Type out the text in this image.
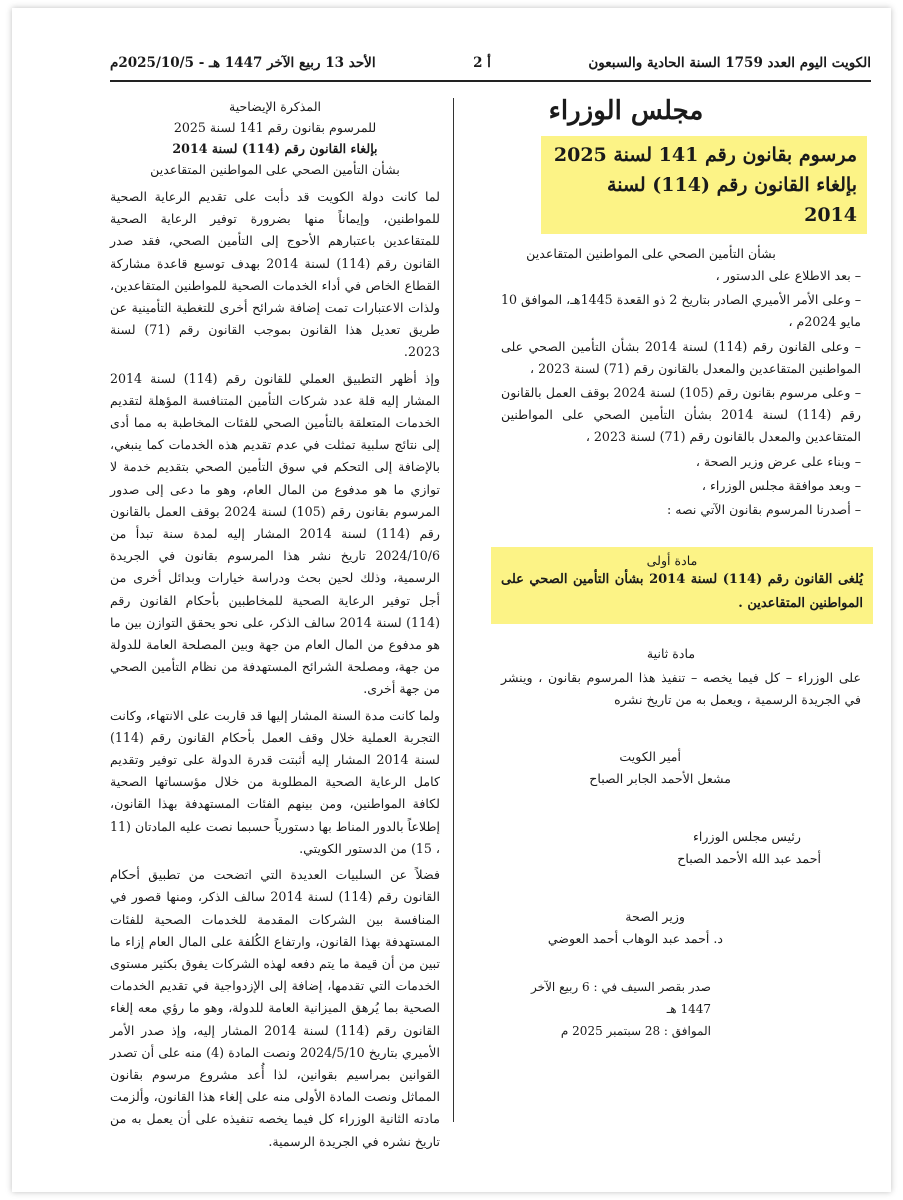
الكويت اليوم العدد 1759 السنة الحادية والسبعون
أ 2
الأحد 13 ربيع الآخر 1447 هـ - 2025/10/5م
مجلس الوزراء
مرسوم بقانون رقم 141 لسنة 2025
بإلغاء القانون رقم (114) لسنة 2014
بشأن التأمين الصحي على المواطنين المتقاعدين
– بعد الاطلاع على الدستور ،
– وعلى الأمر الأميري الصادر بتاريخ 2 ذو القعدة 1445هـ، الموافق 10 مايو 2024م ،
– وعلى القانون رقم (114) لسنة 2014 بشأن التأمين الصحي على المواطنين المتقاعدين والمعدل بالقانون رقم (71) لسنة 2023 ،
– وعلى مرسوم بقانون رقم (105) لسنة 2024 بوقف العمل بالقانون رقم (114) لسنة 2014 بشأن التأمين الصحي على المواطنين المتقاعدين والمعدل بالقانون رقم (71) لسنة 2023 ،
– وبناء على عرض وزير الصحة ،
– وبعد موافقة مجلس الوزراء ،
– أصدرنا المرسوم بقانون الآتي نصه :
مادة أولى
يُلغى القانون رقم (114) لسنة 2014 بشأن التأمين الصحي على المواطنين المتقاعدين .
مادة ثانية
على الوزراء – كل فيما يخصه – تنفيذ هذا المرسوم بقانون ، وينشر في الجريدة الرسمية ، ويعمل به من تاريخ نشره
أمير الكويت
مشعل الأحمد الجابر الصباح
رئيس مجلس الوزراء
أحمد عبد الله الأحمد الصباح
وزير الصحة
د. أحمد عبد الوهاب أحمد العوضي
صدر بقصر السيف في : 6 ربيع الآخر 1447 هـ
الموافق : 28 سبتمبر 2025 م
المذكرة الإيضاحية
للمرسوم بقانون رقم 141 لسنة 2025
بإلغاء القانون رقم (114) لسنة 2014
بشأن التأمين الصحي على المواطنين المتقاعدين
لما كانت دولة الكويت قد دأبت على تقديم الرعاية الصحية للمواطنين، وإيماناً منها بضرورة توفير الرعاية الصحية للمتقاعدين باعتبارهم الأحوج إلى التأمين الصحي، فقد صدر القانون رقم (114) لسنة 2014 بهدف توسيع قاعدة مشاركة القطاع الخاص في أداء الخدمات الصحية للمواطنين المتقاعدين، ولذات الاعتبارات تمت إضافة شرائح أخرى للتغطية التأمينية عن طريق تعديل هذا القانون بموجب القانون رقم (71) لسنة 2023.
وإذ أظهر التطبيق العملي للقانون رقم (114) لسنة 2014 المشار إليه قلة عدد شركات التأمين المتنافسة المؤهلة لتقديم الخدمات المتعلقة بالتأمين الصحي للفئات المخاطبة به مما أدى إلى نتائج سلبية تمثلت في عدم تقديم هذه الخدمات كما ينبغي، بالإضافة إلى التحكم في سوق التأمين الصحي بتقديم خدمة لا توازي ما هو مدفوع من المال العام، وهو ما دعى إلى صدور المرسوم بقانون رقم (105) لسنة 2024 بوقف العمل بالقانون رقم (114) لسنة 2014 المشار إليه لمدة سنة تبدأ من 2024/10/6 تاريخ نشر هذا المرسوم بقانون في الجريدة الرسمية، وذلك لحين بحث ودراسة خيارات وبدائل أخرى من أجل توفير الرعاية الصحية للمخاطبين بأحكام القانون رقم (114) لسنة 2014 سالف الذكر، على نحو يحقق التوازن بين ما هو مدفوع من المال العام من جهة وبين المصلحة العامة للدولة من جهة، ومصلحة الشرائح المستهدفة من نظام التأمين الصحي من جهة أخرى.
ولما كانت مدة السنة المشار إليها قد قاربت على الانتهاء، وكانت التجربة العملية خلال وقف العمل بأحكام القانون رقم (114) لسنة 2014 المشار إليه أثبتت قدرة الدولة على توفير وتقديم كامل الرعاية الصحية المطلوبة من خلال مؤسساتها الصحية لكافة المواطنين، ومن بينهم الفئات المستهدفة بهذا القانون، إطلاعاً بالدور المناط بها دستورياً حسبما نصت عليه المادتان (11 ، 15) من الدستور الكويتي.
فضلاً عن السلبيات العديدة التي اتضحت من تطبيق أحكام القانون رقم (114) لسنة 2014 سالف الذكر، ومنها قصور في المنافسة بين الشركات المقدمة للخدمات الصحية للفئات المستهدفة بهذا القانون، وارتفاع الكُلفة على المال العام إزاء ما تبين من أن قيمة ما يتم دفعه لهذه الشركات يفوق بكثير مستوى الخدمات التي تقدمها، إضافة إلى الإزدواجية في تقديم الخدمات الصحية بما يُرهق الميزانية العامة للدولة، وهو ما رؤي معه إلغاء القانون رقم (114) لسنة 2014 المشار إليه، وإذ صدر الأمر الأميري بتاريخ 2024/5/10 ونصت المادة (4) منه على أن تصدر القوانين بمراسيم بقوانين، لذا أُعد مشروع مرسوم بقانون المماثل ونصت المادة الأولى منه على إلغاء هذا القانون، وألزمت مادته الثانية الوزراء كل فيما يخصه تنفيذه على أن يعمل به من تاريخ نشره في الجريدة الرسمية.
